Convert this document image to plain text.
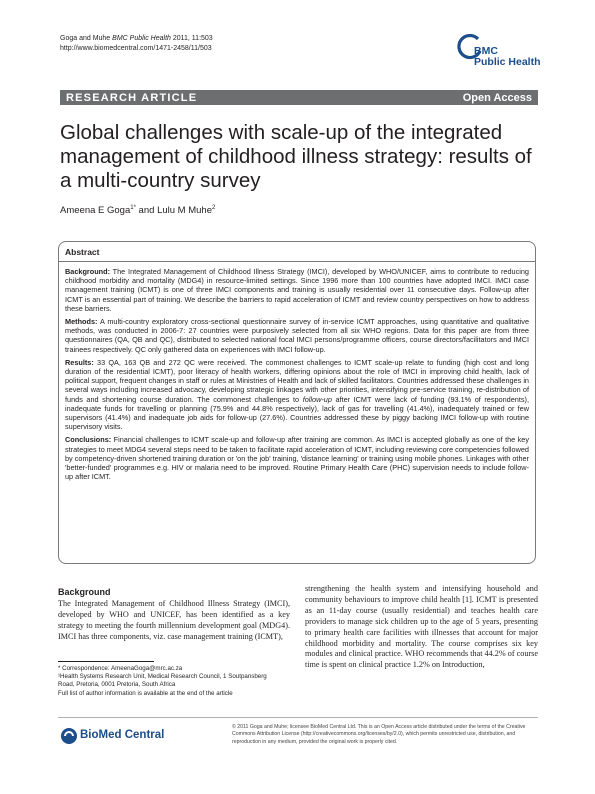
Goga and Muhe BMC Public Health 2011, 11:503
http://www.biomedcentral.com/1471-2458/11/503	BMC
Public Health
RESEARCH ARTICLE	Open Access
Global challenges with scale-up of the integrated management of childhood illness strategy: results of a multi-country survey
Ameena E Goga$^{1*}$ and Lulu M Muhe$^2$
Abstract

Background: The Integrated Management of Childhood Illness Strategy (IMCI), developed by WHO/UNICEF, aims to contribute to reducing childhood morbidity and mortality (MDG4) in resource-limited settings. Since 1996 more than 100 countries have adopted IMCI. IMCI case management training (ICMT) is one of three IMCI components and training is usually residential over 11 consecutive days. Follow-up after ICMT is an essential part of training. We describe the barriers to rapid acceleration of ICMT and review country perspectives on how to address these barriers.

Methods: A multi-country exploratory cross-sectional questionnaire survey of in-service ICMT approaches, using quantitative and qualitative methods, was conducted in 2006-7: 27 countries were purposively selected from all six WHO regions. Data for this paper are from three questionnaires (QA, QB and QC), distributed to selected national focal IMCI persons/programme officers, course directors/facilitators and IMCI trainees respectively. QC only gathered data on experiences with IMCI follow-up.

Results: 33 QA, 163 QB and 272 QC were received. The commonest challenges to ICMT scale-up relate to funding (high cost and long duration of the residential ICMT), poor literacy of health workers, differing opinions about the role of IMCI in improving child health, lack of political support, frequent changes in staff or rules at Ministries of Health and lack of skilled facilitators. Countries addressed these challenges in several ways including increased advocacy, developing strategic linkages with other priorities, intensifying pre-service training, re-distribution of funds and shortening course duration. The commonest challenges to follow-up after ICMT were lack of funding (93.1% of respondents), inadequate funds for travelling or planning (75.9% and 44.8% respectively), lack of gas for travelling (41.4%), inadequately trained or few supervisors (41.4%) and inadequate job aids for follow-up (27.6%). Countries addressed these by piggy backing IMCI follow-up with routine supervisory visits.

Conclusions: Financial challenges to ICMT scale-up and follow-up after training are common. As IMCI is accepted globally as one of the key strategies to meet MDG4 several steps need to be taken to facilitate rapid acceleration of ICMT, including reviewing core competencies followed by competency-driven shortened training duration or 'on the job' training, 'distance learning' or training using mobile phones. Linkages with other 'better-funded' programmes e.g. HIV or malaria need to be improved. Routine Primary Health Care (PHC) supervision needs to include follow-up after ICMT.

Background
The Integrated Management of Childhood Illness Strategy (IMCI), developed by WHO and UNICEF, has been identified as a key strategy to meeting the fourth millennium development goal (MDG4). IMCI has three components, viz. case management training (ICMT),
strengthening the health system and intensifying household and community behaviours to improve child health [1]. ICMT is presented as an 11-day course (usually residential) and teaches health care providers to manage sick children up to the age of 5 years, presenting to primary health care facilities with illnesses that account for major childhood morbidity and mortality. The course comprises six key modules and clinical practice. WHO recommends that 44.2% of course time is spent on clinical practice 1.2% on Introduction,

* Correspondence: AmeenaGoga@mrc.ac.za

¹Health Systems Research Unit, Medical Research Council, 1 Soutpansberg

Road, Pretoria, 0001 Pretoria, South Africa

Full list of author information is available at the end of the article

BioMed Central
© 2011 Goga and Muhe; licensee BioMed Central Ltd. This is an Open Access article distributed under the terms of the Creative Commons Attribution License (http://creativecommons.org/licenses/by/2.0), which permits unrestricted use, distribution, and reproduction in any medium, provided the original work is properly cited.
